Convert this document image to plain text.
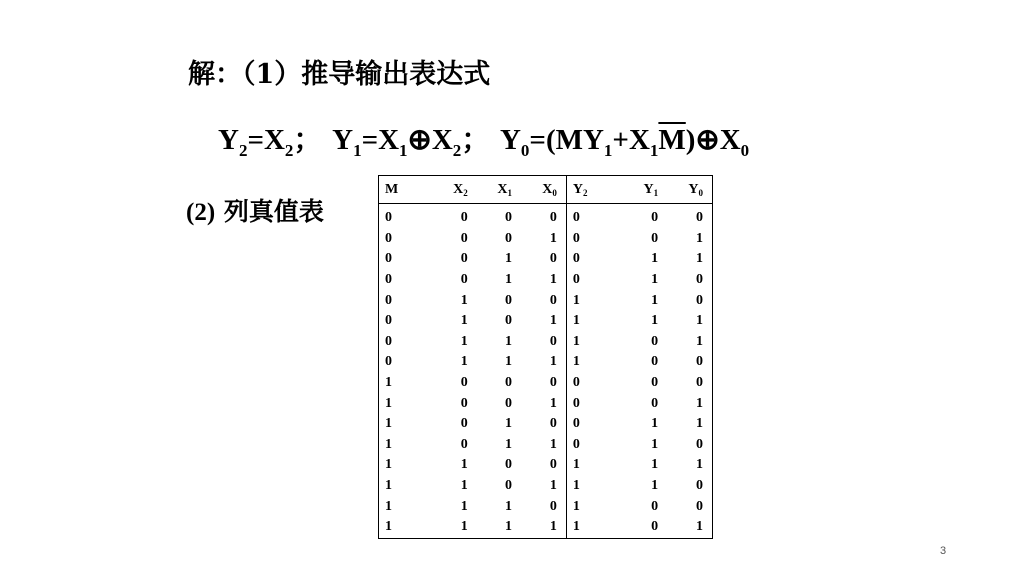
解：（1）推导输出表达式
$Y_2=X_2$；  $Y_1=X_1\oplus X_2$；  $Y_0=(MY_1+X_1\overline{M})\oplus X_0$
(2) 列真值表
M	$X_2$	$X_1$	$X_0$	$Y_2$	$Y_1$	$Y_0$
0	0	0	0	0	0	0
0	0	0	1	0	0	1
0	0	1	0	0	1	1
0	0	1	1	0	1	0
0	1	0	0	1	1	0
0	1	0	1	1	1	1
0	1	1	0	1	0	1
0	1	1	1	1	0	0
1	0	0	0	0	0	0
1	0	0	1	0	0	1
1	0	1	0	0	1	1
1	0	1	1	0	1	0
1	1	0	0	1	1	1
1	1	0	1	1	1	0
1	1	1	0	1	0	0
1	1	1	1	1	0	1
3
